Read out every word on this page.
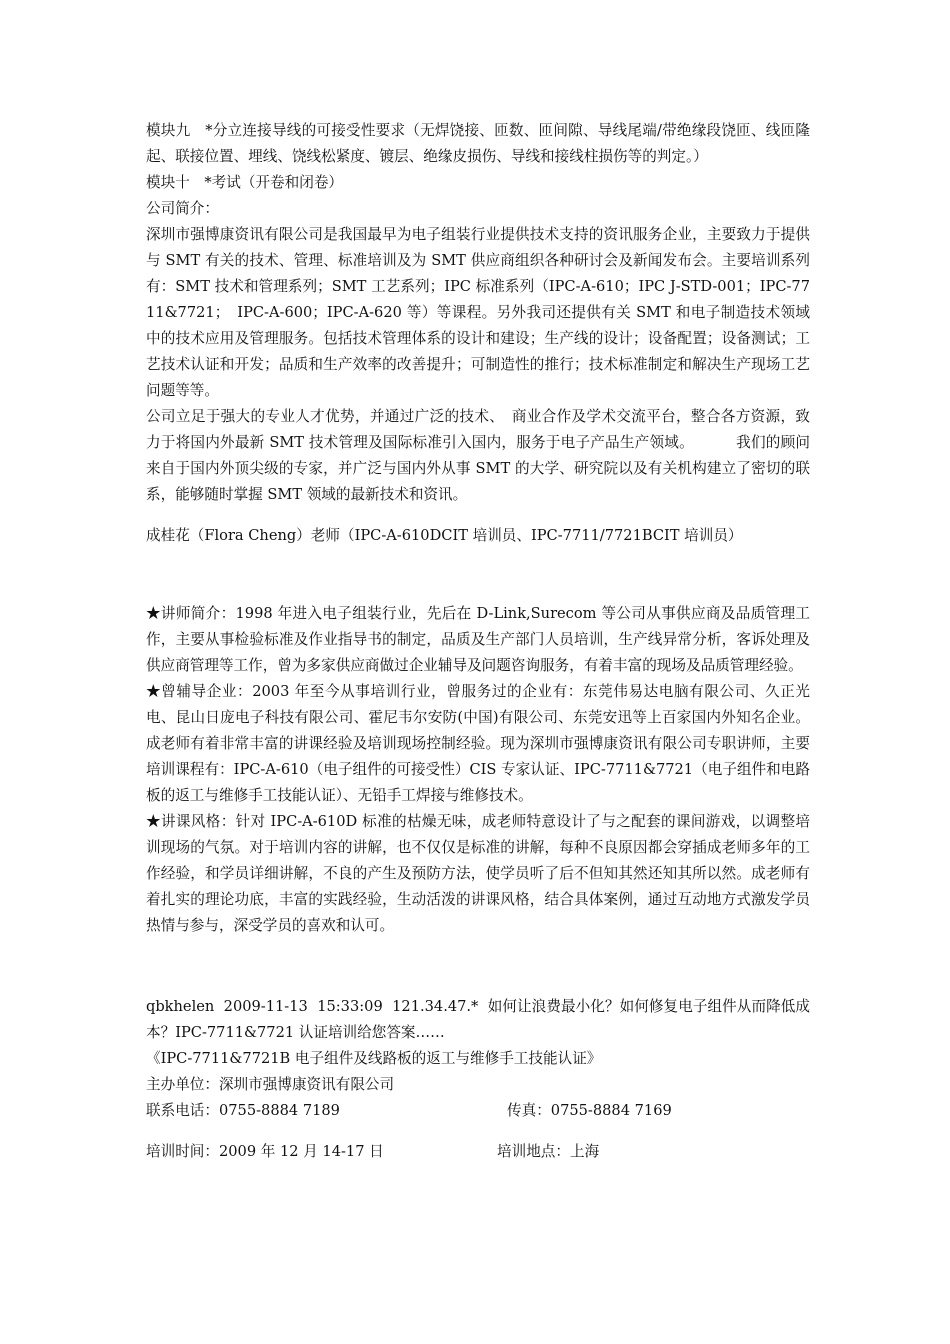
模块九　*分立连接导线的可接受性要求（无焊饶接、匝数、匝间隙、导线尾端/带绝缘段饶匝、线匝隆起、联接位置、埋线、饶线松紧度、镀层、绝缘皮损伤、导线和接线柱损伤等的判定。）

模块十　*考试（开卷和闭卷）

公司简介：

深圳市强博康资讯有限公司是我国最早为电子组装行业提供技术支持的资讯服务企业，主要致力于提供与 SMT 有关的技术、管理、标准培训及为 SMT 供应商组织各种研讨会及新闻发布会。主要培训系列有：SMT 技术和管理系列；SMT 工艺系列；IPC 标准系列（IPC-A-610；IPC J-STD-001；IPC-7711&7721；　IPC-A-600；IPC-A-620 等）等课程。另外我司还提供有关 SMT 和电子制造技术领域中的技术应用及管理服务。包括技术管理体系的设计和建设；生产线的设计；设备配置；设备测试；工艺技术认证和开发；品质和生产效率的改善提升；可制造性的推行；技术标准制定和解决生产现场工艺问题等等。

公司立足于强大的专业人才优势，并通过广泛的技术、　商业合作及学术交流平台，整合各方资源，致力于将国内外最新 SMT 技术管理及国际标准引入国内，服务于电子产品生产领域。	我们的顾问来自于国内外顶尖级的专家，并广泛与国内外从事 SMT 的大学、研究院以及有关机构建立了密切的联系，能够随时掌握 SMT 领域的最新技术和资讯。

成桂花（Flora Cheng）老师（IPC-A-610DCIT 培训员、IPC-7711/7721BCIT 培训员）

★讲师简介：1998 年进入电子组装行业，先后在 D-Link,Surecom 等公司从事供应商及品质管理工作，主要从事检验标准及作业指导书的制定，品质及生产部门人员培训，生产线异常分析，客诉处理及供应商管理等工作，曾为多家供应商做过企业辅导及问题咨询服务，有着丰富的现场及品质管理经验。

★曾辅导企业：2003 年至今从事培训行业，曾服务过的企业有：东莞伟易达电脑有限公司、久正光电、昆山日庞电子科技有限公司、霍尼韦尔安防(中国)有限公司、东莞安迅等上百家国内外知名企业。成老师有着非常丰富的讲课经验及培训现场控制经验。现为深圳市强博康资讯有限公司专职讲师，主要培训课程有：IPC-A-610（电子组件的可接受性）CIS 专家认证、IPC-7711&7721（电子组件和电路板的返工与维修手工技能认证）、无铅手工焊接与维修技术。

★讲课风格：针对 IPC-A-610D 标准的枯燥无味，成老师特意设计了与之配套的课间游戏，以调整培训现场的气氛。对于培训内容的讲解，也不仅仅是标准的讲解，每种不良原因都会穿插成老师多年的工作经验，和学员详细讲解，不良的产生及预防方法，使学员听了后不但知其然还知其所以然。成老师有着扎实的理论功底，丰富的实践经验，生动活泼的讲课风格，结合具体案例，通过互动地方式激发学员热情与参与，深受学员的喜欢和认可。

qbkhelen  2009-11-13  15:33:09  121.34.47.*  如何让浪费最小化？如何修复电子组件从而降低成本？IPC-7711&7721 认证培训给您答案……

《IPC-7711&7721B 电子组件及线路板的返工与维修手工技能认证》

主办单位：深圳市强博康资讯有限公司

联系电话：0755-8884 7189	传真：0755-8884 7169
培训时间：2009 年 12 月 14-17 日	培训地点：上海
